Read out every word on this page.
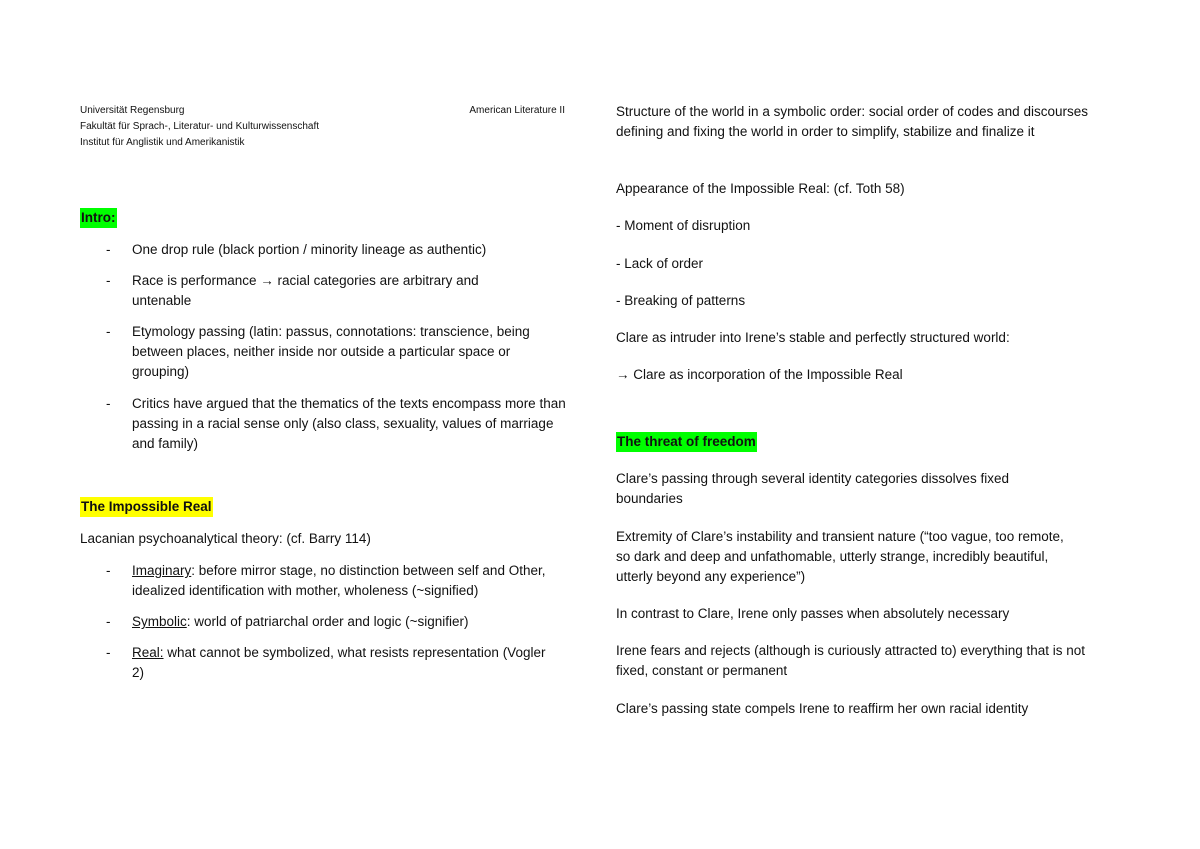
Universität Regensburg	American Literature II
Fakultät für Sprach-, Literatur- und Kulturwissenschaft
Institut für Anglistik und Amerikanistik
Intro:
- One drop rule (black portion / minority lineage as authentic)
- Race is performance → racial categories are arbitrary and untenable
- Etymology passing (latin: passus, connotations: transcience, being between places, neither inside nor outside a particular space or grouping)
- Critics have argued that the thematics of the texts encompass more than passing in a racial sense only (also class, sexuality, values of marriage and family)
The Impossible Real
Lacanian psychoanalytical theory: (cf. Barry 114)
- Imaginary: before mirror stage, no distinction between self and Other, idealized identification with mother, wholeness (~signified)
- Symbolic: world of patriarchal order and logic (~signifier)
- Real: what cannot be symbolized, what resists representation (Vogler 2)
Structure of the world in a symbolic order: social order of codes and discourses defining and fixing the world in order to simplify, stabilize and finalize it
Appearance of the Impossible Real: (cf. Toth 58)
- Moment of disruption
- Lack of order
- Breaking of patterns
Clare as intruder into Irene’s stable and perfectly structured world:
→ Clare as incorporation of the Impossible Real
The threat of freedom
Clare’s passing through several identity categories dissolves fixed boundaries
Extremity of Clare’s instability and transient nature (“too vague, too remote, so dark and deep and unfathomable, utterly strange, incredibly beautiful, utterly beyond any experience”)
In contrast to Clare, Irene only passes when absolutely necessary
Irene fears and rejects (although is curiously attracted to) everything that is not fixed, constant or permanent
Clare’s passing state compels Irene to reaffirm her own racial identity
